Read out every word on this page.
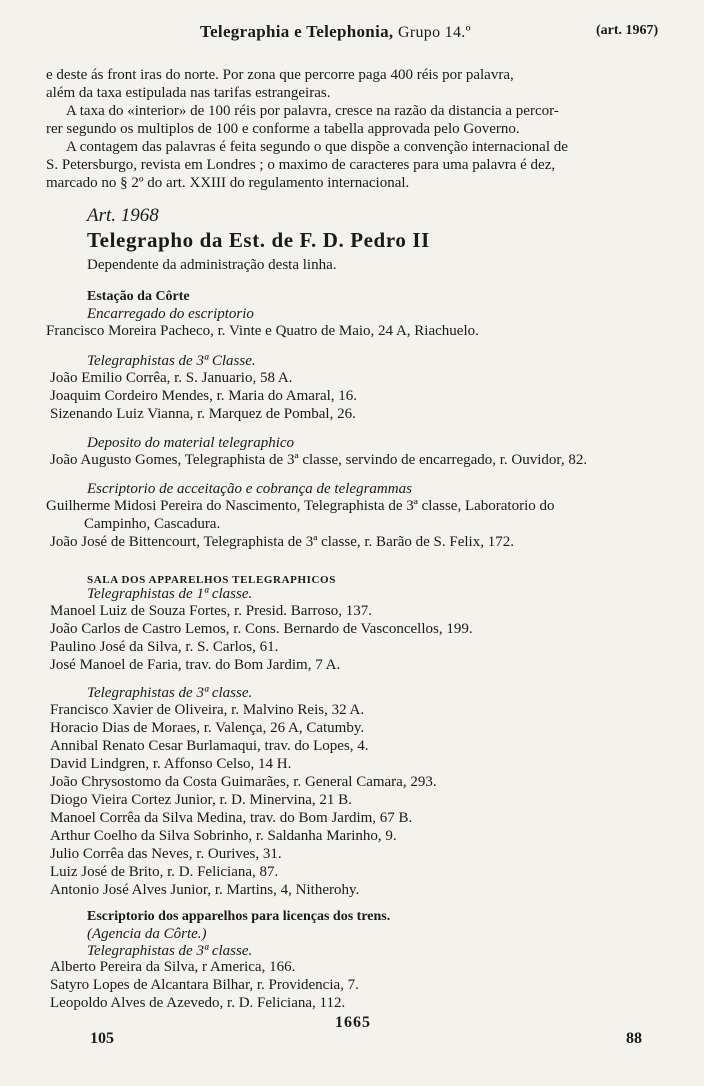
Telegraphia e Telephonia, Grupo 14.º	(art. 1967)
e deste ás front iras do norte. Por zona que percorre paga 400 réis por palavra,
além da taxa estipulada nas tarifas estrangeiras.
A taxa do «interior» de 100 réis por palavra, cresce na razão da distancia a percor-
rer segundo os multiplos de 100 e conforme a tabella approvada pelo Governo.
A contagem das palavras é feita segundo o que dispõe a convenção internacional de
S. Petersburgo, revista em Londres ; o maximo de caracteres para uma palavra é dez,
marcado no § 2º do art. XXIII do regulamento internacional.
Art. 1968
Telegrapho da Est. de F. D. Pedro II
Dependente da administração desta linha.
Estação da Côrte
Encarregado do escriptorio
Francisco Moreira Pacheco, r. Vinte e Quatro de Maio, 24 A, Riachuelo.
Telegraphistas de 3ª Classe.
João Emilio Corrêa, r. S. Januario, 58 A.
Joaquim Cordeiro Mendes, r. Maria do Amaral, 16.
Sizenando Luiz Vianna, r. Marquez de Pombal, 26.
Deposito do material telegraphico
João Augusto Gomes, Telegraphista de 3ª classe, servindo de encarregado, r. Ouvidor, 82.
Escriptorio de acceitação e cobrança de telegrammas
Guilherme Midosi Pereira do Nascimento, Telegraphista de 3ª classe, Laboratorio do
Campinho, Cascadura.
João José de Bittencourt, Telegraphista de 3ª classe, r. Barão de S. Felix, 172.
SALA DOS APPARELHOS TELEGRAPHICOS
Telegraphistas de 1ª classe.
Manoel Luiz de Souza Fortes, r. Presid. Barroso, 137.
João Carlos de Castro Lemos, r. Cons. Bernardo de Vasconcellos, 199.
Paulino José da Silva, r. S. Carlos, 61.
José Manoel de Faria, trav. do Bom Jardim, 7 A.
Telegraphistas de 3ª classe.
Francisco Xavier de Oliveira, r. Malvino Reis, 32 A.
Horacio Dias de Moraes, r. Valença, 26 A, Catumby.
Annibal Renato Cesar Burlamaqui, trav. do Lopes, 4.
David Lindgren, r. Affonso Celso, 14 H.
João Chrysostomo da Costa Guimarães, r. General Camara, 293.
Diogo Vieira Cortez Junior, r. D. Minervina, 21 B.
Manoel Corrêa da Silva Medina, trav. do Bom Jardim, 67 B.
Arthur Coelho da Silva Sobrinho, r. Saldanha Marinho, 9.
Julio Corrêa das Neves, r. Ourives, 31.
Luiz José de Brito, r. D. Feliciana, 87.
Antonio José Alves Junior, r. Martins, 4, Nitherohy.
Escriptorio dos apparelhos para licenças dos trens.
(Agencia da Côrte.)
Telegraphistas de 3ª classe.
Alberto Pereira da Silva, r America, 166.
Satyro Lopes de Alcantara Bilhar, r. Providencia, 7.
Leopoldo Alves de Azevedo, r. D. Feliciana, 112.
105
1665
88
